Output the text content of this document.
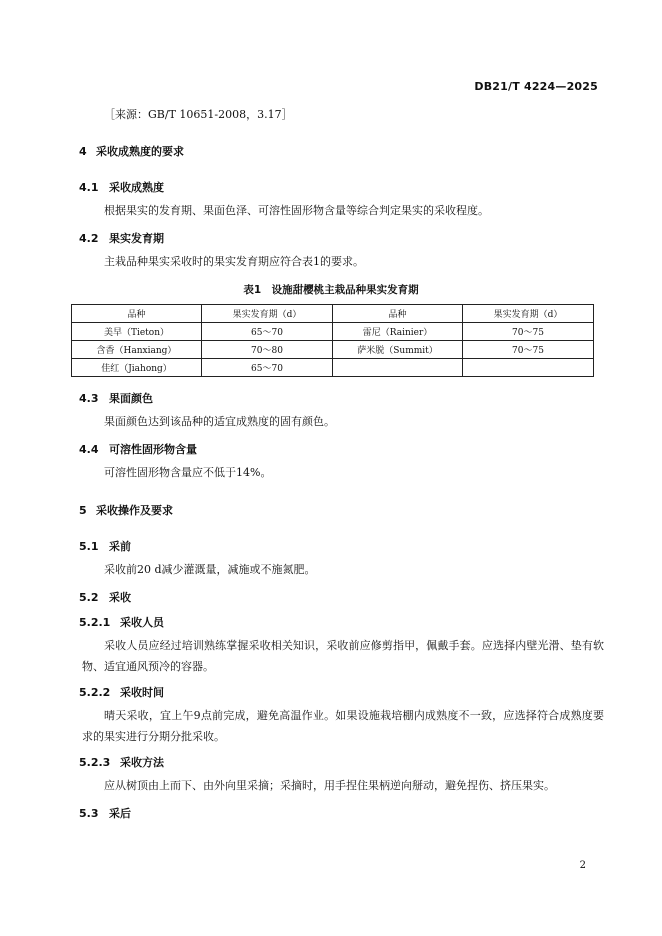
DB21/T 4224—2025
［来源：GB/T 10651-2008，3.17］
4 采收成熟度的要求
4.1 采收成熟度
根据果实的发育期、果面色泽、可溶性固形物含量等综合判定果实的采收程度。
4.2 果实发育期
主栽品种果实采收时的果实发育期应符合表1的要求。
表1　设施甜樱桃主栽品种果实发育期
品种	果实发育期（d）	品种	果实发育期（d）
美早（Tieton）	65～70	雷尼（Rainier）	70～75
含香（Hanxiang）	70～80	萨米脱（Summit）	70～75
佳红（Jiahong）	65～70		
4.3 果面颜色
果面颜色达到该品种的适宜成熟度的固有颜色。
4.4 可溶性固形物含量
可溶性固形物含量应不低于14%。
5 采收操作及要求
5.1 采前
采收前20 d减少灌溉量，减施或不施氮肥。
5.2 采收
5.2.1 采收人员
采收人员应经过培训熟练掌握采收相关知识，采收前应修剪指甲，佩戴手套。应选择内壁光滑、垫有软物、适宜通风预冷的容器。
5.2.2 采收时间
晴天采收，宜上午9点前完成，避免高温作业。如果设施栽培棚内成熟度不一致，应选择符合成熟度要求的果实进行分期分批采收。
5.2.3 采收方法
应从树顶由上而下、由外向里采摘；采摘时，用手捏住果柄逆向掰动，避免捏伤、挤压果实。
5.3 采后
2
